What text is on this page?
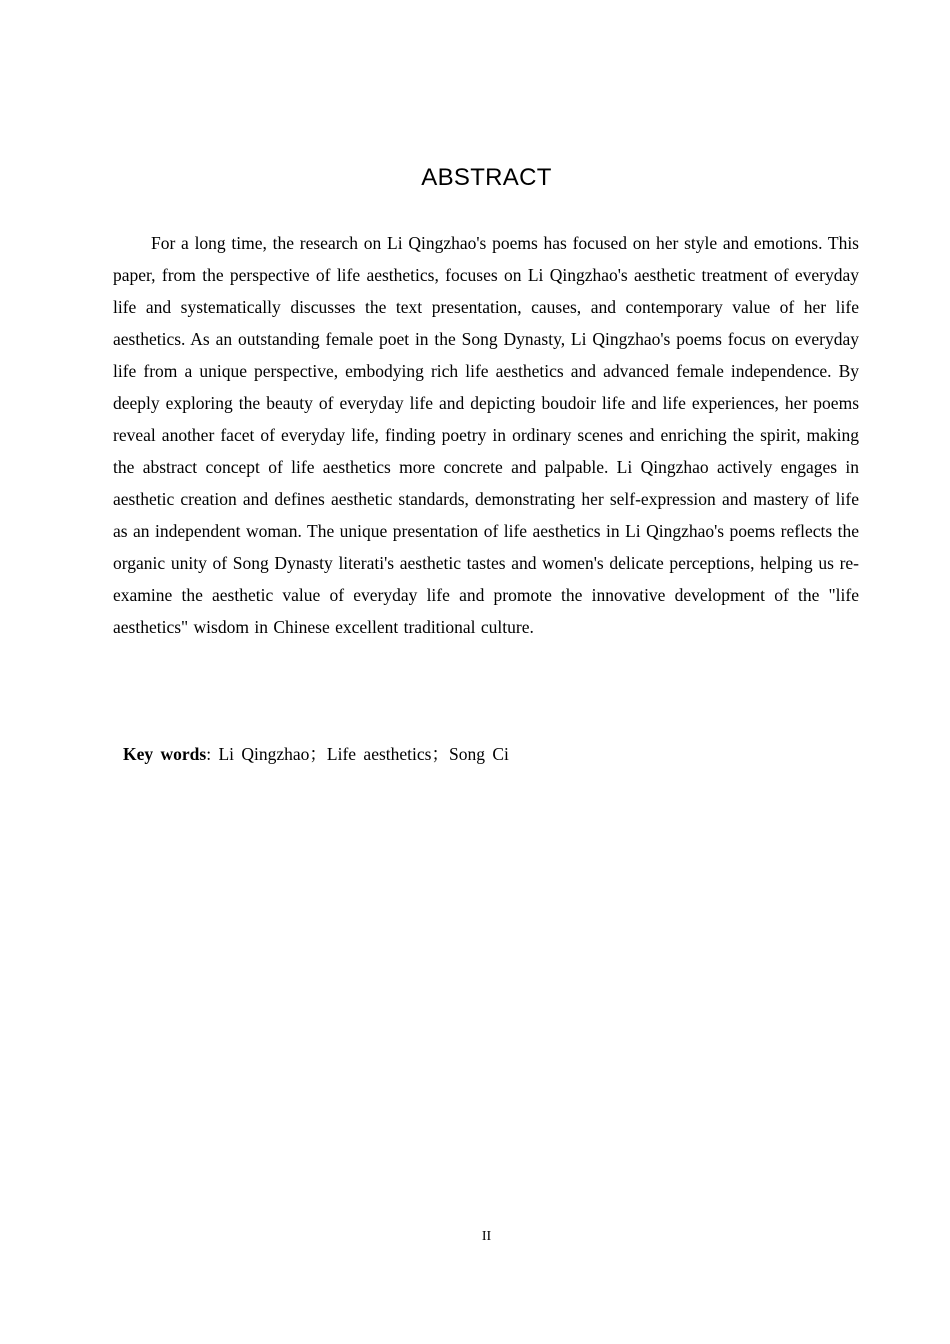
ABSTRACT

For a long time, the research on Li Qingzhao's poems has focused on her style and emotions. This paper, from the perspective of life aesthetics, focuses on Li Qingzhao's aesthetic treatment of everyday life and systematically discusses the text presentation, causes, and contemporary value of her life aesthetics. As an outstanding female poet in the Song Dynasty, Li Qingzhao's poems focus on everyday life from a unique perspective, embodying rich life aesthetics and advanced female independence. By deeply exploring the beauty of everyday life and depicting boudoir life and life experiences, her poems reveal another facet of everyday life, finding poetry in ordinary scenes and enriching the spirit, making the abstract concept of life aesthetics more concrete and palpable. Li Qingzhao actively engages in aesthetic creation and defines aesthetic standards, demonstrating her self-expression and mastery of life as an independent woman. The unique presentation of life aesthetics in Li Qingzhao's poems reflects the organic unity of Song Dynasty literati's aesthetic tastes and women's delicate perceptions, helping us re-examine the aesthetic value of everyday life and promote the innovative development of the "life aesthetics" wisdom in Chinese excellent traditional culture.

Key words: Li Qingzhao；Life aesthetics；Song Ci
II
